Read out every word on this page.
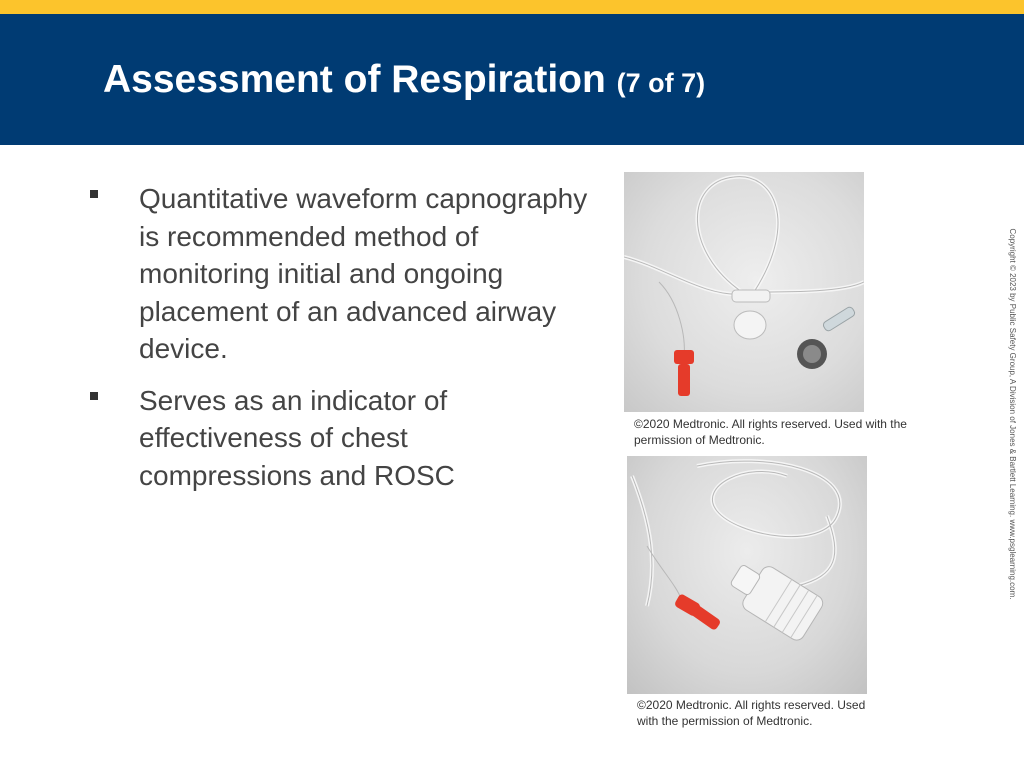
Assessment of Respiration (7 of 7)
Quantitative waveform capnography is recommended method of monitoring initial and ongoing placement of an advanced airway device.
Serves as an indicator of effectiveness of chest compressions and ROSC

©2020 Medtronic. All rights reserved. Used with the permission of Medtronic.

©2020 Medtronic. All rights reserved. Used with the permission of Medtronic.

Copyright © 2023 by Public Safety Group, A Division of Jones & Bartlett Learning. www.psglearning.com.
